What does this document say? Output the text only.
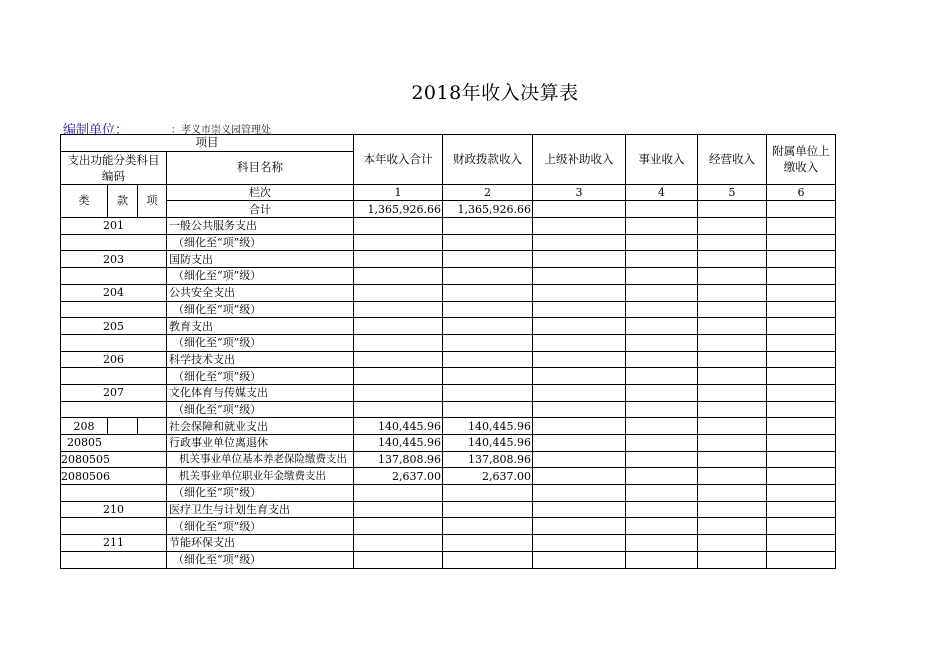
2018年收入决算表
编制单位：	：孝义市崇义园管理处
项目				本年收入合计	财政拨款收入	上级补助收入	事业收入	经营收入	附属单位上缴收入
支出功能分类科目编码			科目名称						

类	款	项	栏次	1	2	3	4	5	6
			合计	1,365,926.66	1,365,926.66				
201			一般公共服务支出						
			（细化至“项”级）						
203			国防支出						
			（细化至“项”级）						
204			公共安全支出						
			（细化至“项”级）						
205			教育支出						
			（细化至“项”级）						
206			科学技术支出						
			（细化至“项”级）						
207			文化体育与传媒支出						
			（细化至“项”级）						
208			社会保障和就业支出	140,445.96	140,445.96				
20805			行政事业单位离退休	140,445.96	140,445.96				
2080505			机关事业单位基本养老保险缴费支出	137,808.96	137,808.96				
2080506			机关事业单位职业年金缴费支出	2,637.00	2,637.00				
			（细化至“项”级）						
210			医疗卫生与计划生育支出						
			（细化至“项”级）						
211			节能环保支出						
			（细化至“项”级）						
